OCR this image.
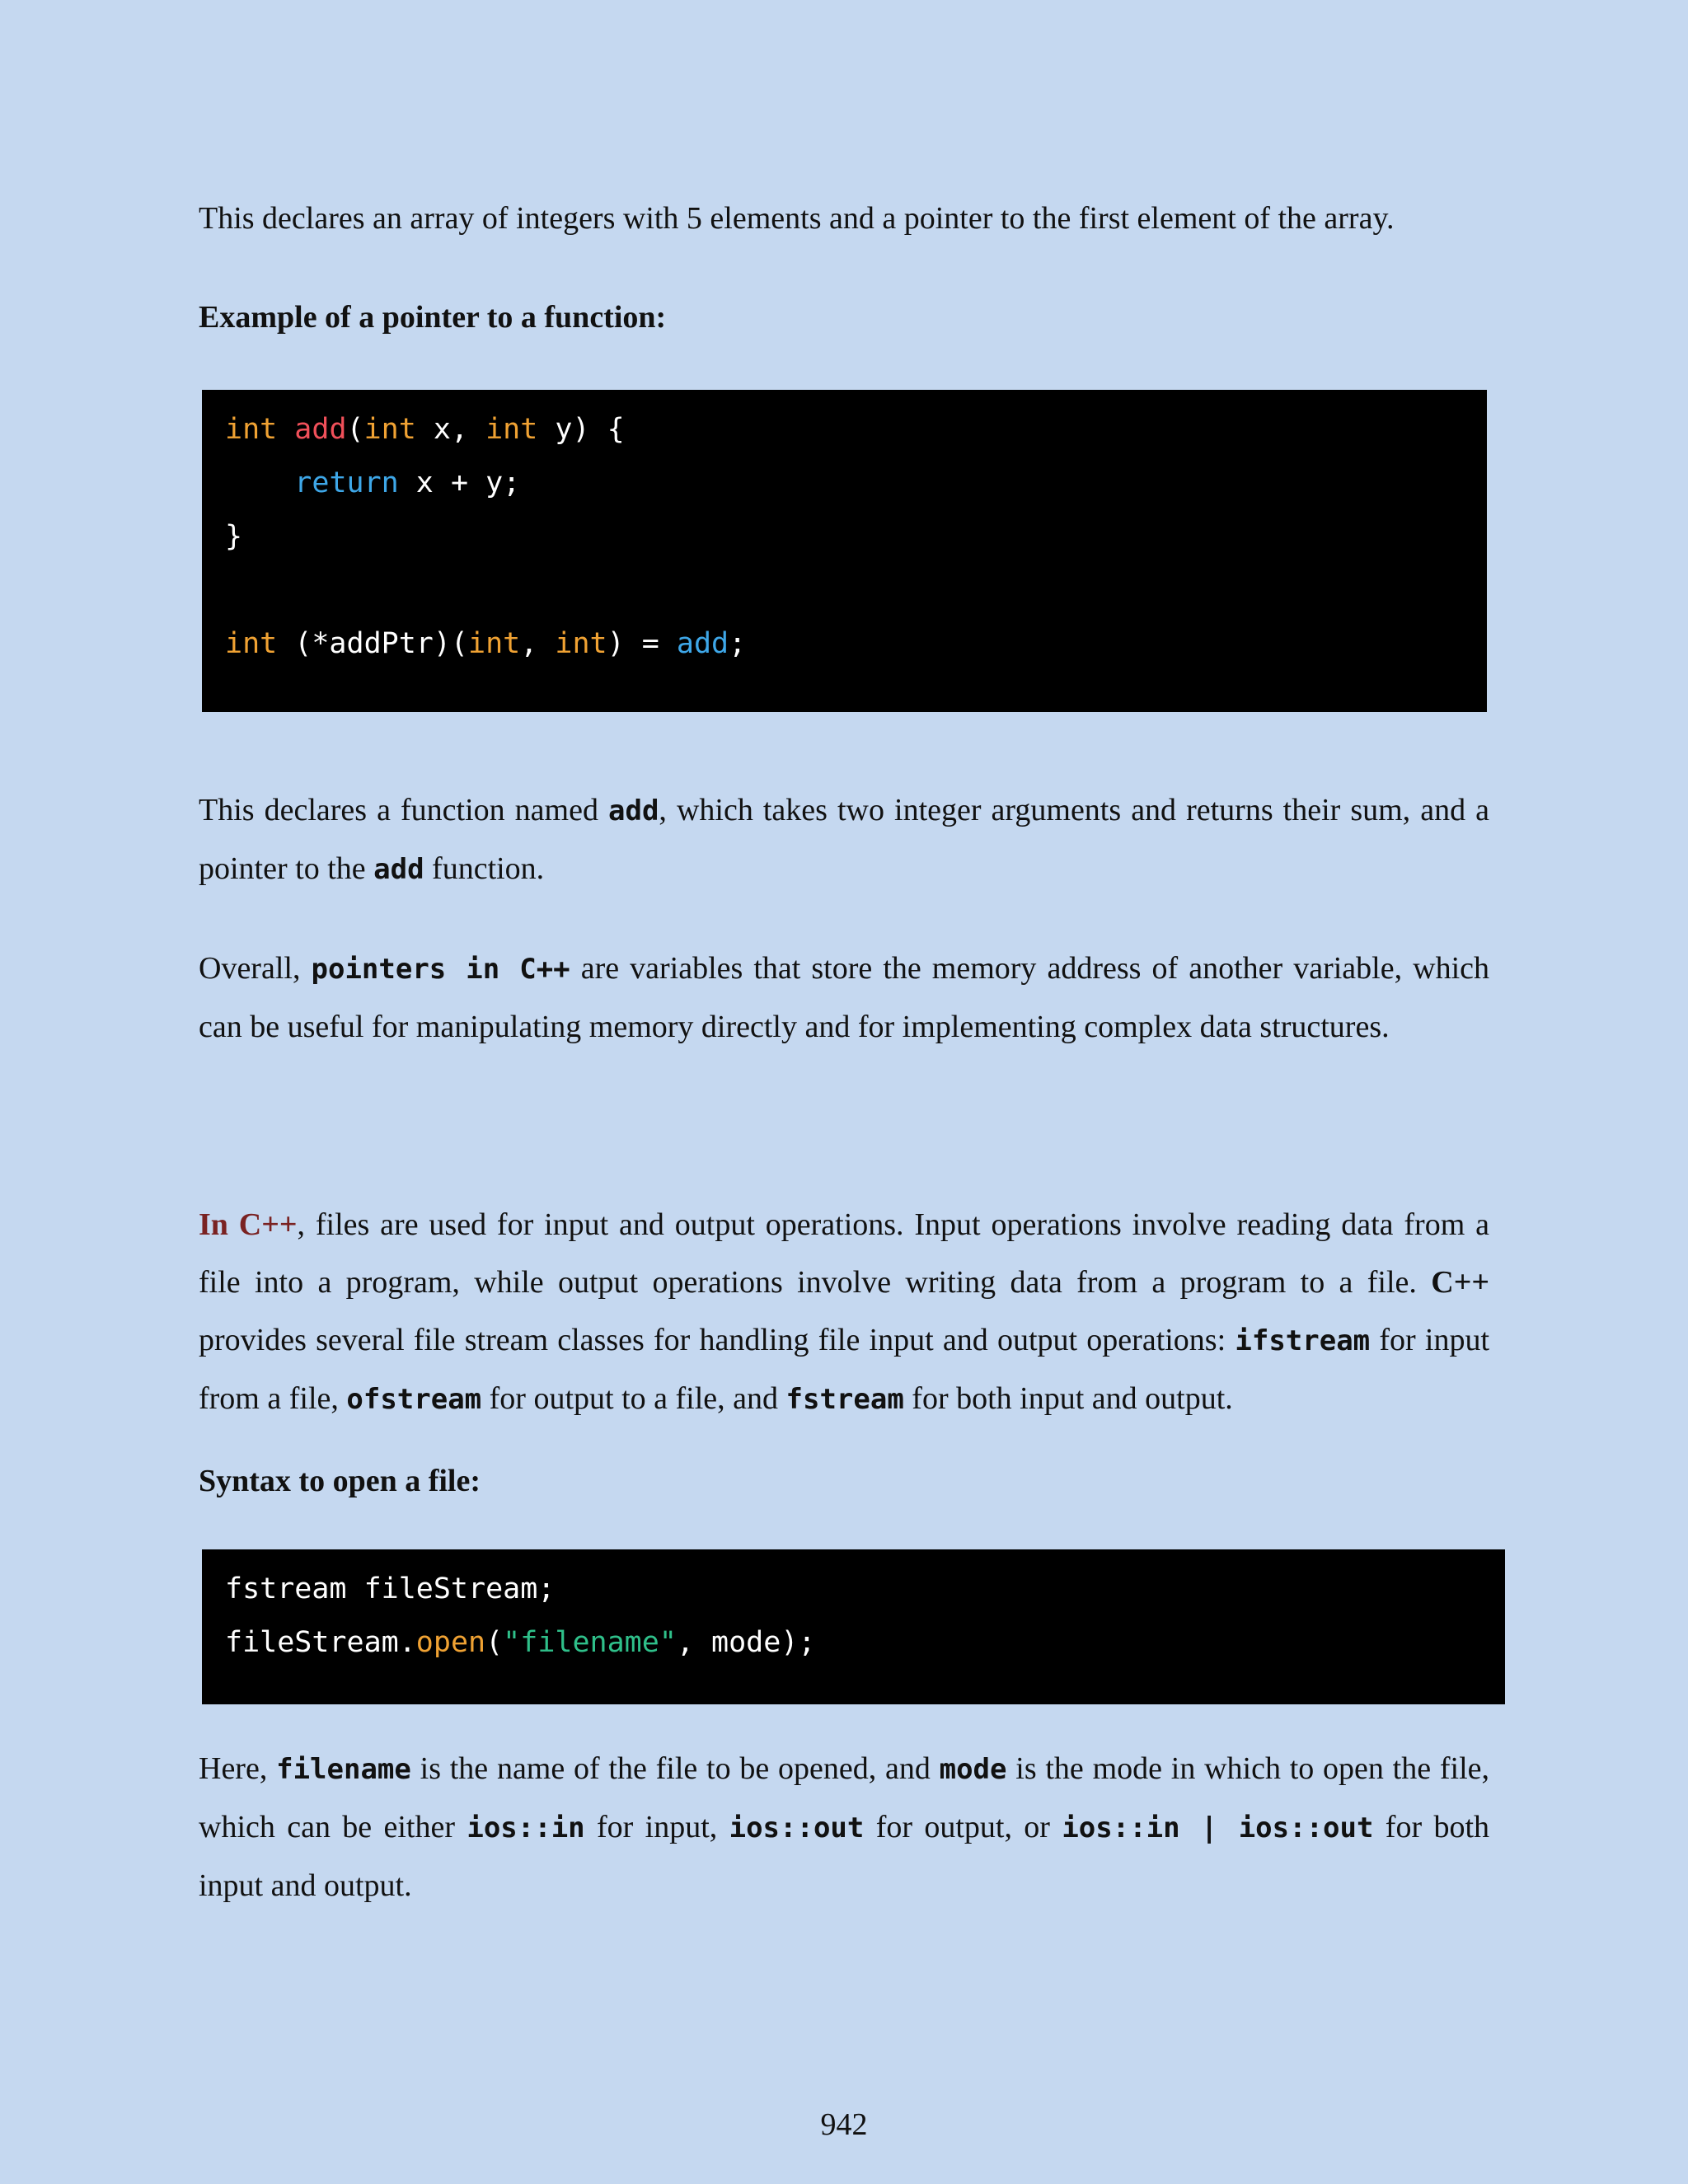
This declares an array of integers with 5 elements and a pointer to the first element of the array.

Example of a pointer to a function:

int add(int x, int y) {
return x + y;
}
int (*addPtr)(int, int) = add;

This declares a function named add, which takes two integer arguments and returns their sum, and a pointer to the add function.

Overall, pointers in C++ are variables that store the memory address of another variable, which can be useful for manipulating memory directly and for implementing complex data structures.

In C++, files are used for input and output operations. Input operations involve reading data from a file into a program, while output operations involve writing data from a program to a file. C++ provides several file stream classes for handling file input and output operations: ifstream for input from a file, ofstream for output to a file, and fstream for both input and output.

Syntax to open a file:

fstream fileStream;
fileStream.open("filename", mode);

Here, filename is the name of the file to be opened, and mode is the mode in which to open the file, which can be either ios::in for input, ios::out for output, or ios::in | ios::out for both input and output.

942
